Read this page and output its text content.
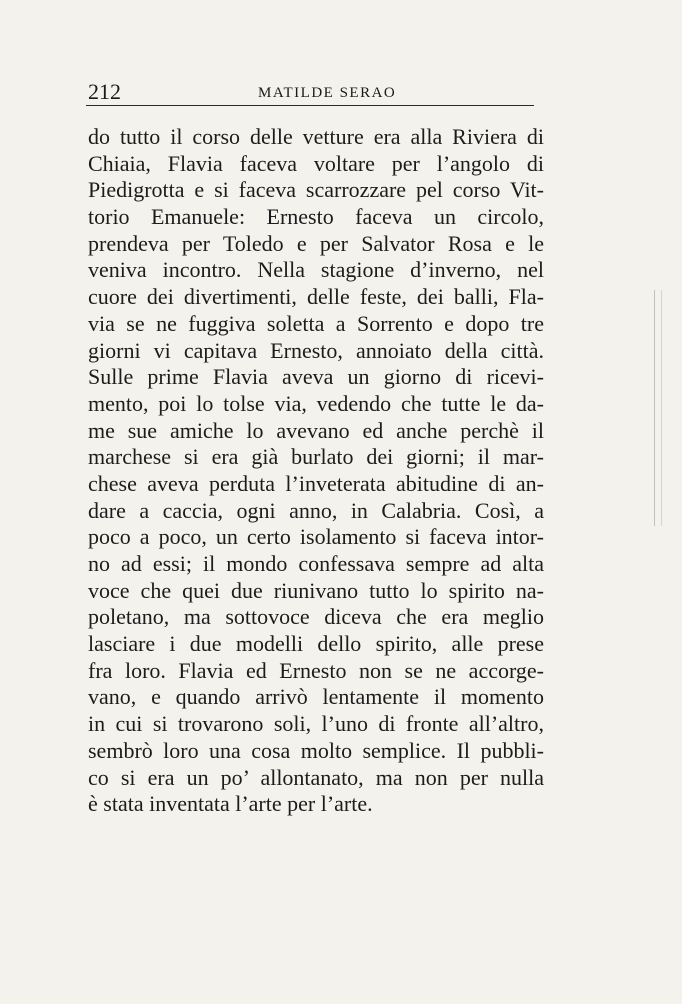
212	MATILDE SERAO
do tutto il corso delle vetture era alla Riviera di
Chiaia, Flavia faceva voltare per l’angolo di
Piedigrotta e si faceva scarrozzare pel corso Vit-
torio Emanuele: Ernesto faceva un circolo,
prendeva per Toledo e per Salvator Rosa e le
veniva incontro. Nella stagione d’inverno, nel
cuore dei divertimenti, delle feste, dei balli, Fla-
via se ne fuggiva soletta a Sorrento e dopo tre
giorni vi capitava Ernesto, annoiato della città.
Sulle prime Flavia aveva un giorno di ricevi-
mento, poi lo tolse via, vedendo che tutte le da-
me sue amiche lo avevano ed anche perchè il
marchese si era già burlato dei giorni; il mar-
chese aveva perduta l’inveterata abitudine di an-
dare a caccia, ogni anno, in Calabria. Così, a
poco a poco, un certo isolamento si faceva intor-
no ad essi; il mondo confessava sempre ad alta
voce che quei due riunivano tutto lo spirito na-
poletano, ma sottovoce diceva che era meglio
lasciare i due modelli dello spirito, alle prese
fra loro. Flavia ed Ernesto non se ne accorge-
vano, e quando arrivò lentamente il momento
in cui si trovarono soli, l’uno di fronte all’altro,
sembrò loro una cosa molto semplice. Il pubbli-
co si era un po’ allontanato, ma non per nulla
è stata inventata l’arte per l’arte.
